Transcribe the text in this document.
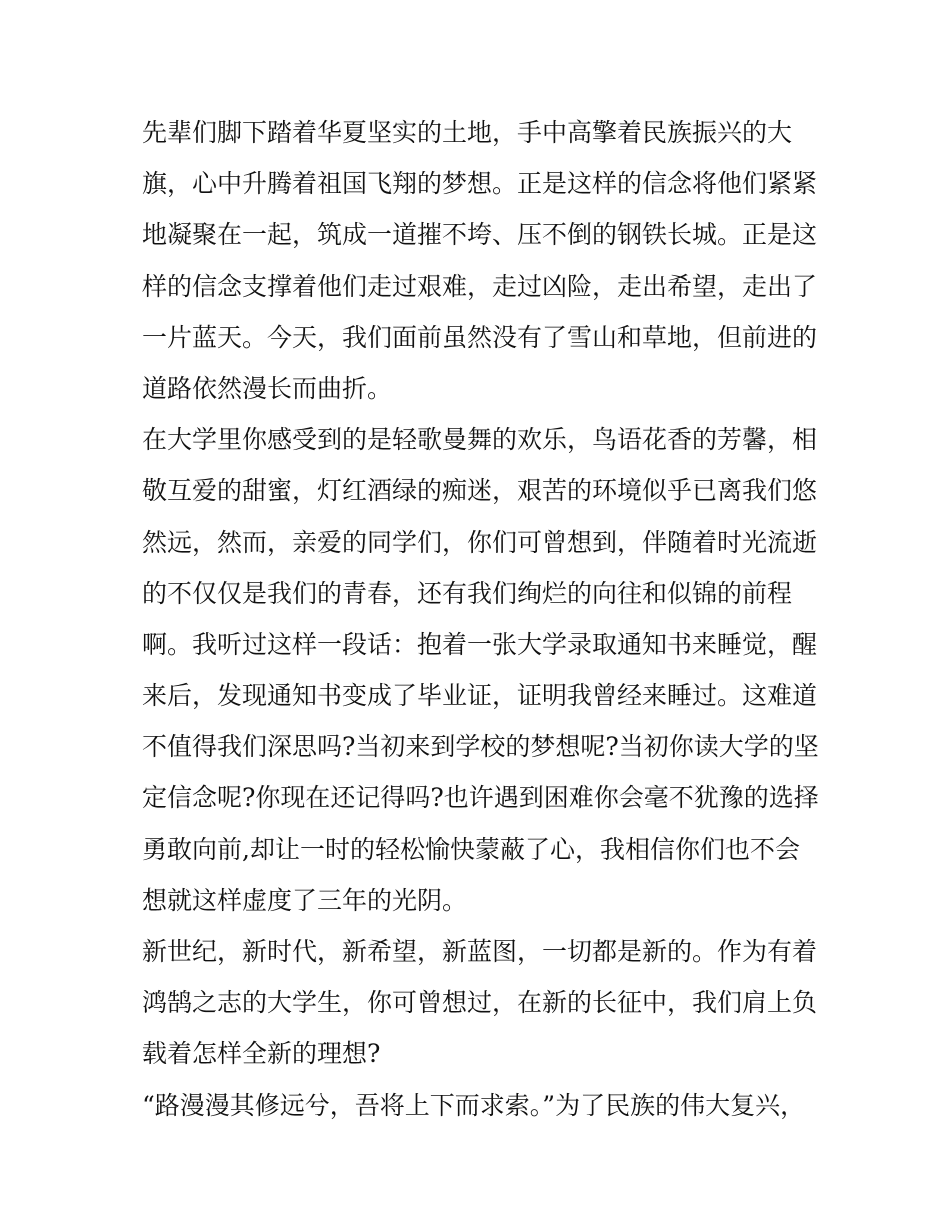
先辈们脚下踏着华夏坚实的土地，手中高擎着民族振兴的大
旗，心中升腾着祖国飞翔的梦想。正是这样的信念将他们紧紧
地凝聚在一起，筑成一道摧不垮、压不倒的钢铁长城。正是这
样的信念支撑着他们走过艰难，走过凶险，走出希望，走出了
一片蓝天。今天，我们面前虽然没有了雪山和草地，但前进的
道路依然漫长而曲折。
在大学里你感受到的是轻歌曼舞的欢乐，鸟语花香的芳馨，相
敬互爱的甜蜜，灯红酒绿的痴迷，艰苦的环境似乎已离我们悠
然远，然而，亲爱的同学们，你们可曾想到，伴随着时光流逝
的不仅仅是我们的青春，还有我们绚烂的向往和似锦的前程
啊。我听过这样一段话：抱着一张大学录取通知书来睡觉，醒
来后，发现通知书变成了毕业证，证明我曾经来睡过。这难道
不值得我们深思吗?当初来到学校的梦想呢?当初你读大学的坚
定信念呢?你现在还记得吗?也许遇到困难你会毫不犹豫的选择
勇敢向前,却让一时的轻松愉快蒙蔽了心，我相信你们也不会
想就这样虚度了三年的光阴。
新世纪，新时代，新希望，新蓝图，一切都是新的。作为有着
鸿鹄之志的大学生，你可曾想过，在新的长征中，我们肩上负
载着怎样全新的理想?
“路漫漫其修远兮，吾将上下而求索。”为了民族的伟大复兴，
